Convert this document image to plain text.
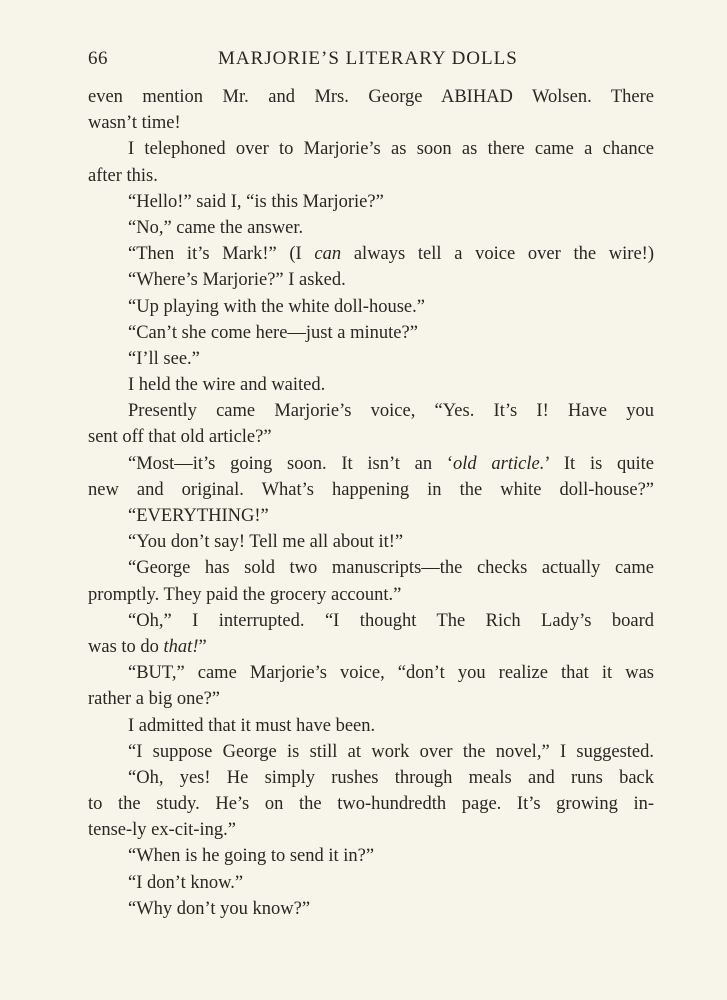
66	MARJORIE’S LITERARY DOLLS
even mention Mr. and Mrs. George ABIHAD Wolsen. There
wasn’t time!
I telephoned over to Marjorie’s as soon as there came a chance
after this.
“Hello!” said I, “is this Marjorie?”
“No,” came the answer.
“Then it’s Mark!” (I can always tell a voice over the wire!)
“Where’s Marjorie?” I asked.
“Up playing with the white doll-house.”
“Can’t she come here—just a minute?”
“I’ll see.”
I held the wire and waited.
Presently came Marjorie’s voice, “Yes. It’s I! Have you
sent off that old article?”
“Most—it’s going soon. It isn’t an ‘old article.’ It is quite
new and original. What’s happening in the white doll-house?”
“EVERYTHING!”
“You don’t say! Tell me all about it!”
“George has sold two manuscripts—the checks actually came
promptly. They paid the grocery account.”
“Oh,” I interrupted. “I thought The Rich Lady’s board
was to do that!”
“BUT,” came Marjorie’s voice, “don’t you realize that it was
rather a big one?”
I admitted that it must have been.
“I suppose George is still at work over the novel,” I suggested.
“Oh, yes! He simply rushes through meals and runs back
to the study. He’s on the two-hundredth page. It’s growing in-
tense-ly ex-cit-ing.”
“When is he going to send it in?”
“I don’t know.”
“Why don’t you know?”
